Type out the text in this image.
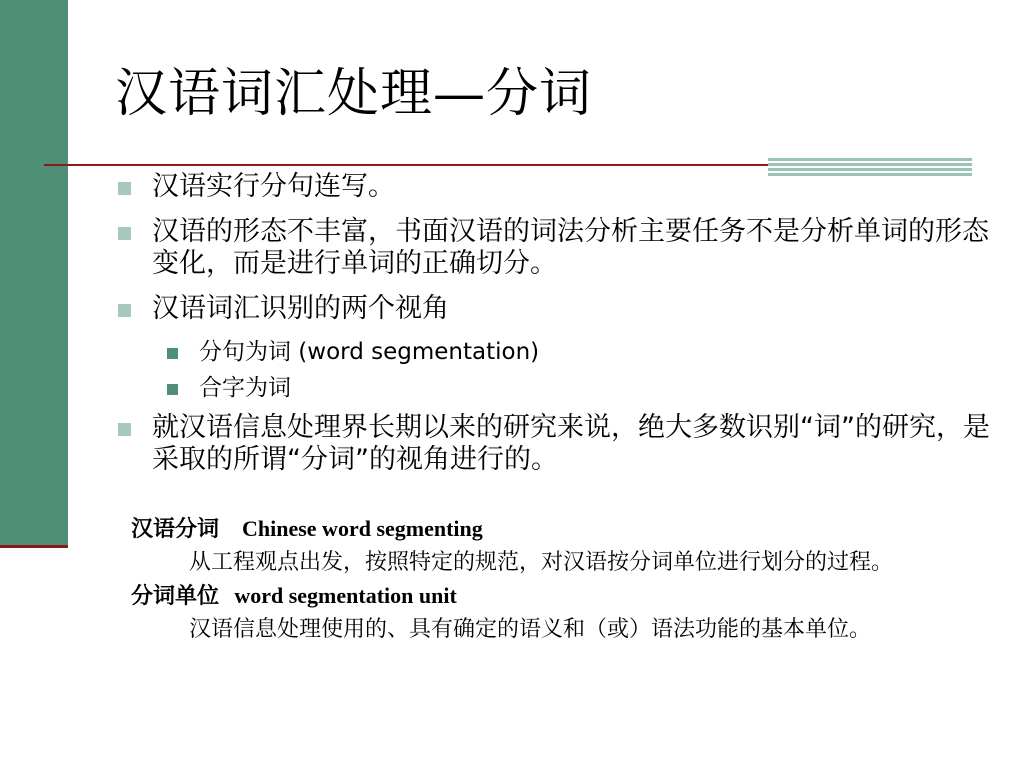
汉语词汇处理—分词
汉语实行分句连写。
汉语的形态不丰富，书面汉语的词法分析主要任务不是分析单词的形态变化，而是进行单词的正确切分。
汉语词汇识别的两个视角
分句为词 (word segmentation)
合字为词
就汉语信息处理界长期以来的研究来说，绝大多数识别“词”的研究，是采取的所谓“分词”的视角进行的。
汉语分词 Chinese word segmenting
从工程观点出发，按照特定的规范，对汉语按分词单位进行划分的过程。
分词单位 word segmentation unit
汉语信息处理使用的、具有确定的语义和（或）语法功能的基本单位。
